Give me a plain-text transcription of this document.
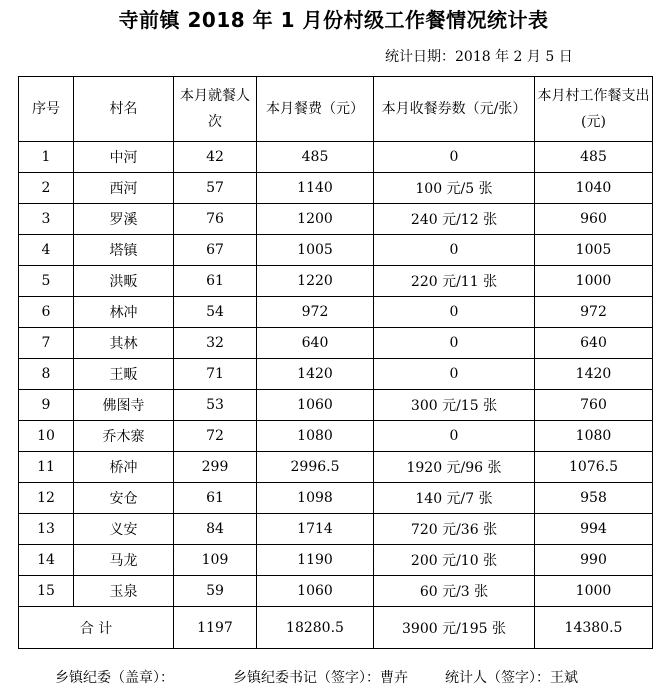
寺前镇 2018 年 1 月份村级工作餐情况统计表
统计日期：2018 年 2 月 5 日
序号	村名	本月就餐人次	本月餐费（元）	本月收餐券数（元/张）	本月村工作餐支出(元)
1	中河	42	485	0	485
2	西河	57	1140	100 元/5 张	1040
3	罗溪	76	1200	240 元/12 张	960
4	塔镇	67	1005	0	1005
5	洪畈	61	1220	220 元/11 张	1000
6	林冲	54	972	0	972
7	其林	32	640	0	640
8	王畈	71	1420	0	1420
9	佛图寺	53	1060	300 元/15 张	760
10	乔木寨	72	1080	0	1080
11	桥冲	299	2996.5	1920 元/96 张	1076.5
12	安仓	61	1098	140 元/7 张	958
13	义安	84	1714	720 元/36 张	994
14	马龙	109	1190	200 元/10 张	990
15	玉泉	59	1060	60 元/3 张	1000
合 计		1197	18280.5	3900 元/195 张	14380.5
乡镇纪委（盖章）：	乡镇纪委书记（签字）：曹卉	统计人（签字）：王斌
